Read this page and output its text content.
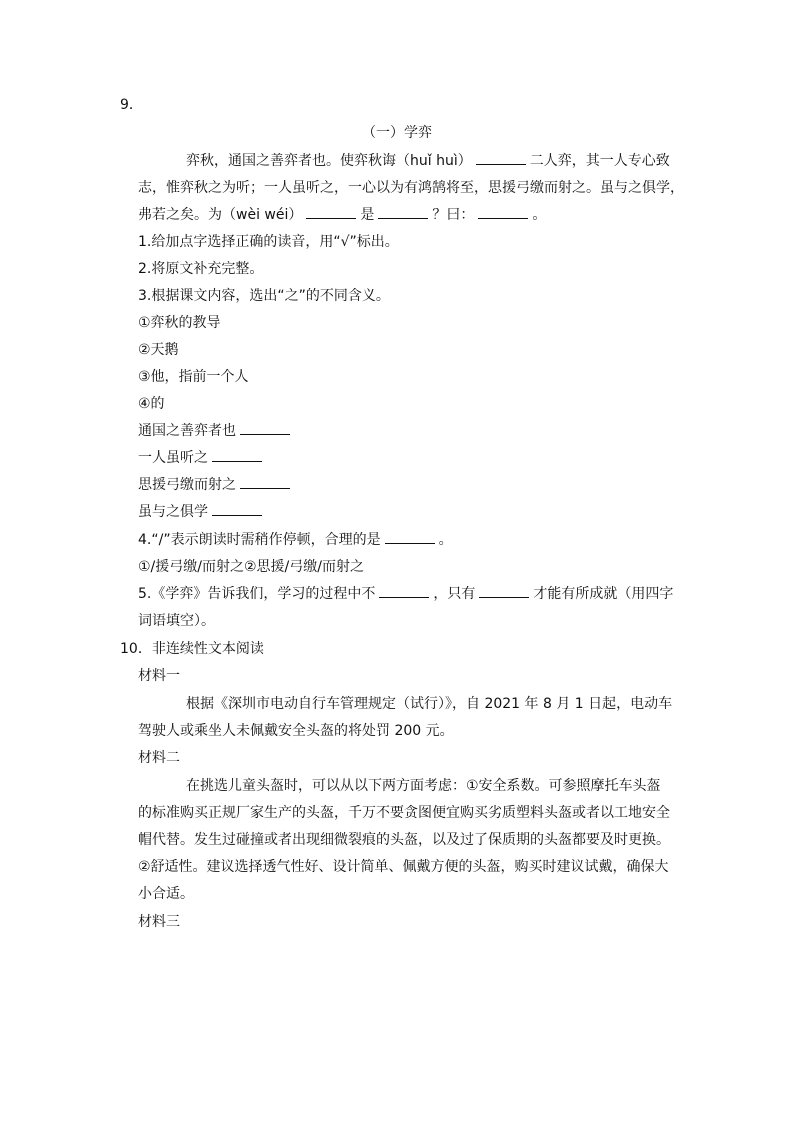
9．
（一）学弈
弈秋，通国之善弈者也。使弈秋诲（huǐ huì）	二人弈，其一人专心致
志，惟弈秋之为听；一人虽听之，一心以为有鸿鹄将至，思援弓缴而射之。虽与之俱学，
弗若之矣。为（wèi wéi）	是	？曰：	。
1.给加点字选择正确的读音，用“√”标出。
2.将原文补充完整。
3.根据课文内容，选出“之”的不同含义。
①弈秋的教导
②天鹅
③他，指前一个人
④的
通国之善弈者也
一人虽听之
思援弓缴而射之
虽与之俱学
4.“/”表示朗读时需稍作停顿，合理的是	。
①/援弓缴/而射之②思援/弓缴/而射之
5.《学弈》告诉我们，学习的过程中不	，只有	才能有所成就（用四字
词语填空）。
10．非连续性文本阅读
材料一
根据《深圳市电动自行车管理规定（试行）》，自 2021 年 8 月 1 日起，电动车
驾驶人或乘坐人未佩戴安全头盔的将处罚 200 元。
材料二
在挑选儿童头盔时，可以从以下两方面考虑：①安全系数。可参照摩托车头盔
的标准购买正规厂家生产的头盔，千万不要贪图便宜购买劣质塑料头盔或者以工地安全
帽代替。发生过碰撞或者出现细微裂痕的头盔，以及过了保质期的头盔都要及时更换。
②舒适性。建议选择透气性好、设计简单、佩戴方便的头盔，购买时建议试戴，确保大
小合适。
材料三
